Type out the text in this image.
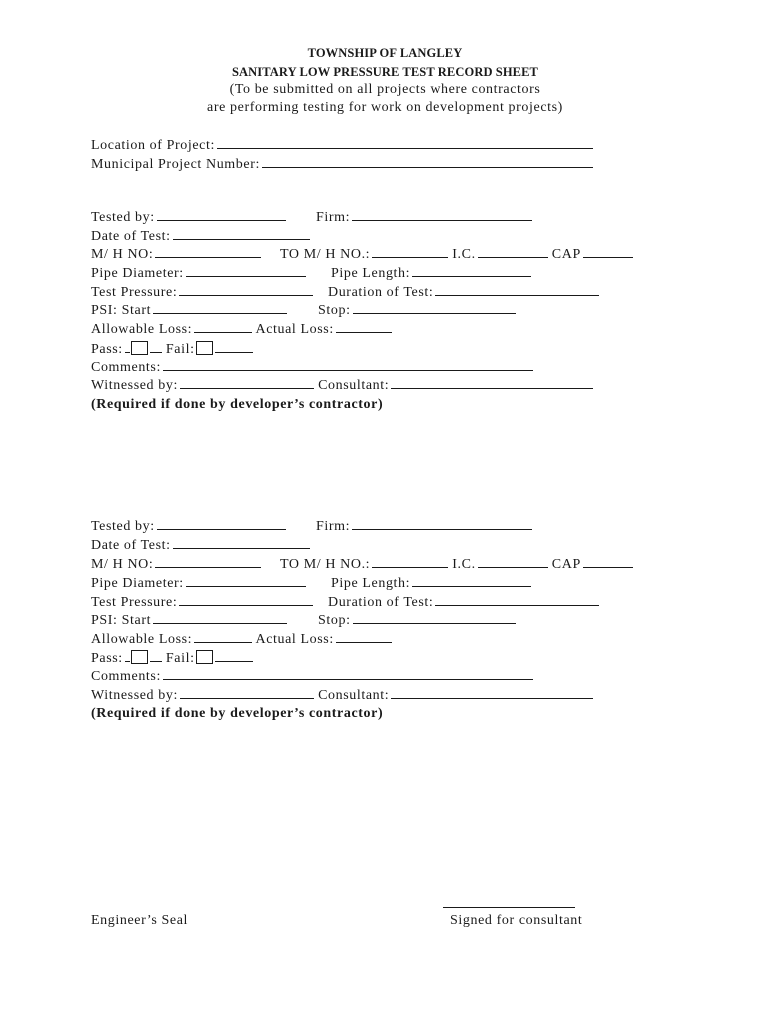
TOWNSHIP OF LANGLEY
SANITARY LOW PRESSURE TEST RECORD SHEET
(To be submitted on all projects where contractors
are performing testing for work on development projects)
Location of Project:
Municipal Project Number:
Tested by:	Firm:
Date of Test:
M/ H NO:	TO M/ H NO.:	I.C.	CAP
Pipe Diameter:	Pipe Length:
Test Pressure:	Duration of Test:
PSI: Start	Stop:
Allowable Loss:	Actual Loss:
Pass:	Fail:
Comments:
Witnessed by:	Consultant:
(Required if done by developer’s contractor)
Tested by:	Firm:
Date of Test:
M/ H NO:	TO M/ H NO.:	I.C.	CAP
Pipe Diameter:	Pipe Length:
Test Pressure:	Duration of Test:
PSI: Start	Stop:
Allowable Loss:	Actual Loss:
Pass:	Fail:
Comments:
Witnessed by:	Consultant:
(Required if done by developer’s contractor)
Engineer’s Seal	Signed for consultant
